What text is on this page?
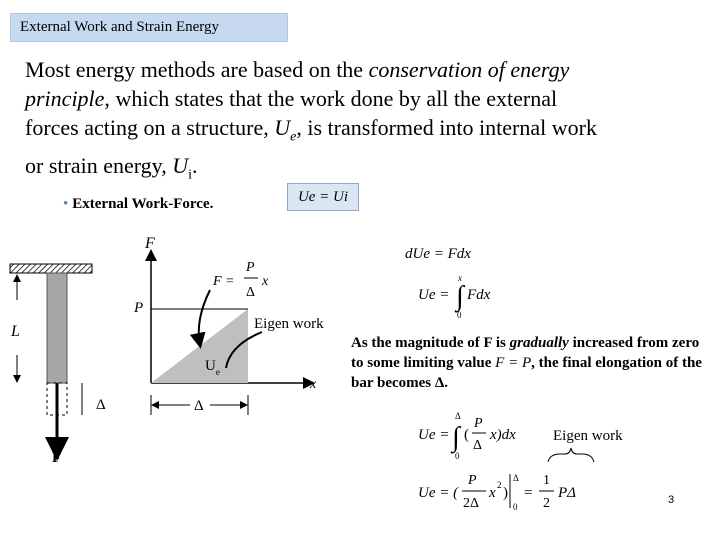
External Work and Strain Energy
Most energy methods are based on the conservation of energy principle, which states that the work done by all the external forces acting on a structure, $U_e$, is transformed into internal work or strain energy, $U_i$.
• External Work-Force.	Ue = Ui
F
L
Δ
F
x
P
$U_e$
F =
P
Δ
x
Eigen work
Δ
dUe = Fdx
Ue = ∫
x
0
Fdx
Ue = ∫
Δ
0
(
P
Δ
x)dx Eigen work
Ue = (
P
2Δ
x 2 )
Δ
0
=
1
2
PΔ
As the magnitude of F is gradually increased from zero to some limiting value F = P, the final elongation of the bar becomes Δ.
3
